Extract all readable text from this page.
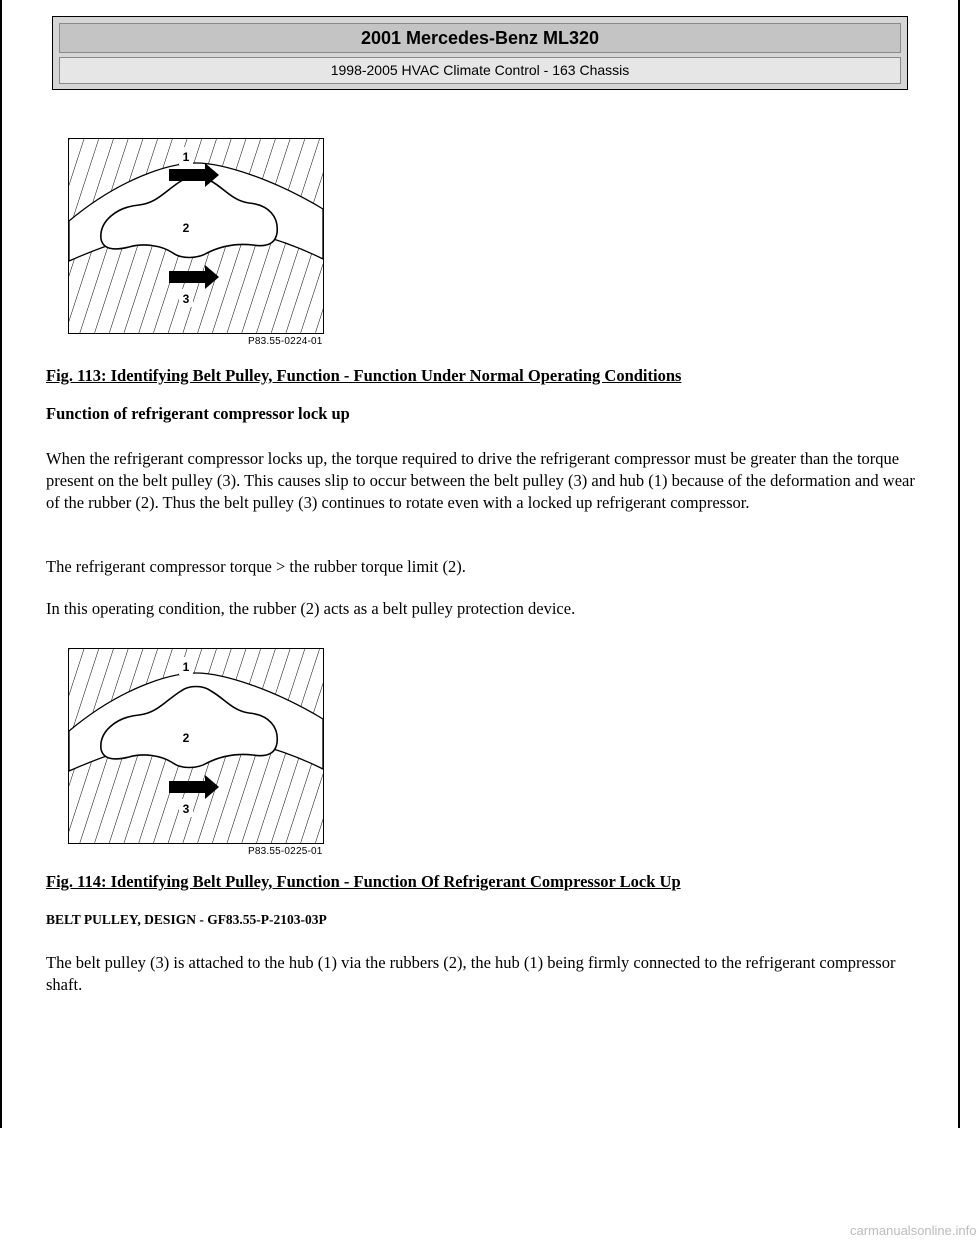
2001 Mercedes-Benz ML320
1998-2005 HVAC Climate Control - 163 Chassis
1
2
3
P83.55-0224-01
Fig. 113: Identifying Belt Pulley, Function - Function Under Normal Operating Conditions
Function of refrigerant compressor lock up
When the refrigerant compressor locks up, the torque required to drive the refrigerant compressor must be greater than the torque present on the belt pulley (3). This causes slip to occur between the belt pulley (3) and hub (1) because of the deformation and wear of the rubber (2). Thus the belt pulley (3) continues to rotate even with a locked up refrigerant compressor.
The refrigerant compressor torque > the rubber torque limit (2).
In this operating condition, the rubber (2) acts as a belt pulley protection device.
1
2
3
P83.55-0225-01
Fig. 114: Identifying Belt Pulley, Function - Function Of Refrigerant Compressor Lock Up
BELT PULLEY, DESIGN - GF83.55-P-2103-03P
The belt pulley (3) is attached to the hub (1) via the rubbers (2), the hub (1) being firmly connected to the refrigerant compressor shaft.
carmanualsonline.info
